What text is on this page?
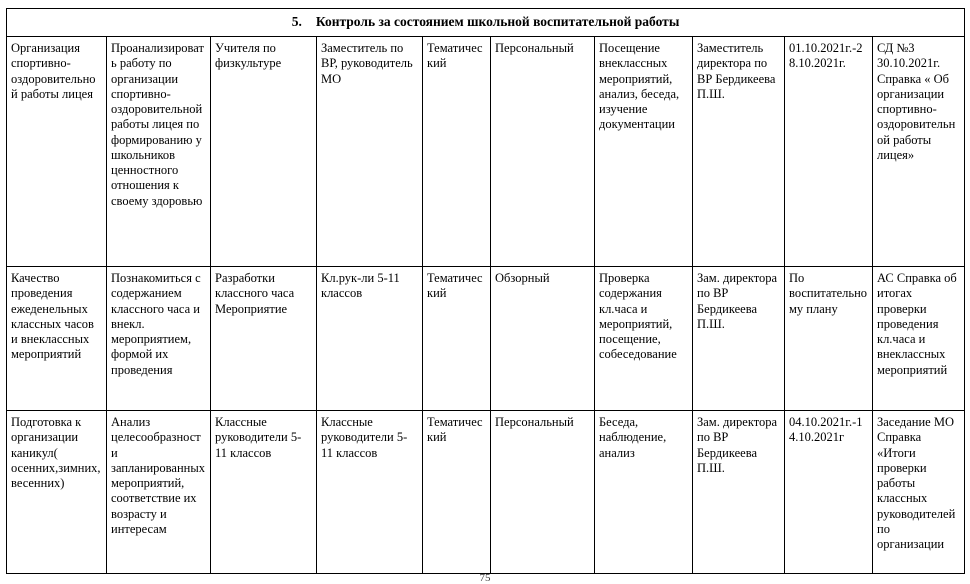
5. Контроль за состоянием школьной воспитательной работы									
Организация спортивно-оздоровительной работы лицея	Проанализировать работу по организации спортивно-оздоровительной работы лицея по формированию у школьников ценностного отношения к своему здоровью	Учителя по физкультуре	Заместитель по ВР, руководитель МО	Тематический	Персональный	Посещение внеклассных мероприятий, анализ, беседа, изучение документации	Заместитель директора по ВР Бердикеева П.Ш.	01.10.2021г.-28.10.2021г.	СД №3 30.10.2021г. Справка « Об организации спортивно-оздоровительной работы лицея»
Качество проведения ежеденельных классных часов и внеклассных мероприятий	Познакомиться с содержанием классного часа и внекл. мероприятием, формой их проведения	Разработки классного часа Мероприятие	Кл.рук-ли 5-11 классов	Тематический	Обзорный	Проверка содержания кл.часа и мероприятий, посещение, собеседование	Зам. директора по ВР Бердикеева П.Ш.	По воспитательному плану	АС Справка об итогах проверки проведения кл.часа и внеклассных мероприятий
Подготовка к организации каникул( осенних,зимних, весенних)	Анализ целесообразности запланированных мероприятий, соответствие их возрасту и интересам	Классные руководители 5-11 классов	Классные руководители 5-11 классов	Тематический	Персональный	Беседа, наблюдение, анализ	Зам. директора по ВР Бердикеева П.Ш.	04.10.2021г.-14.10.2021г	Заседание МО Справка «Итоги проверки работы классных руководителей по организации
75
